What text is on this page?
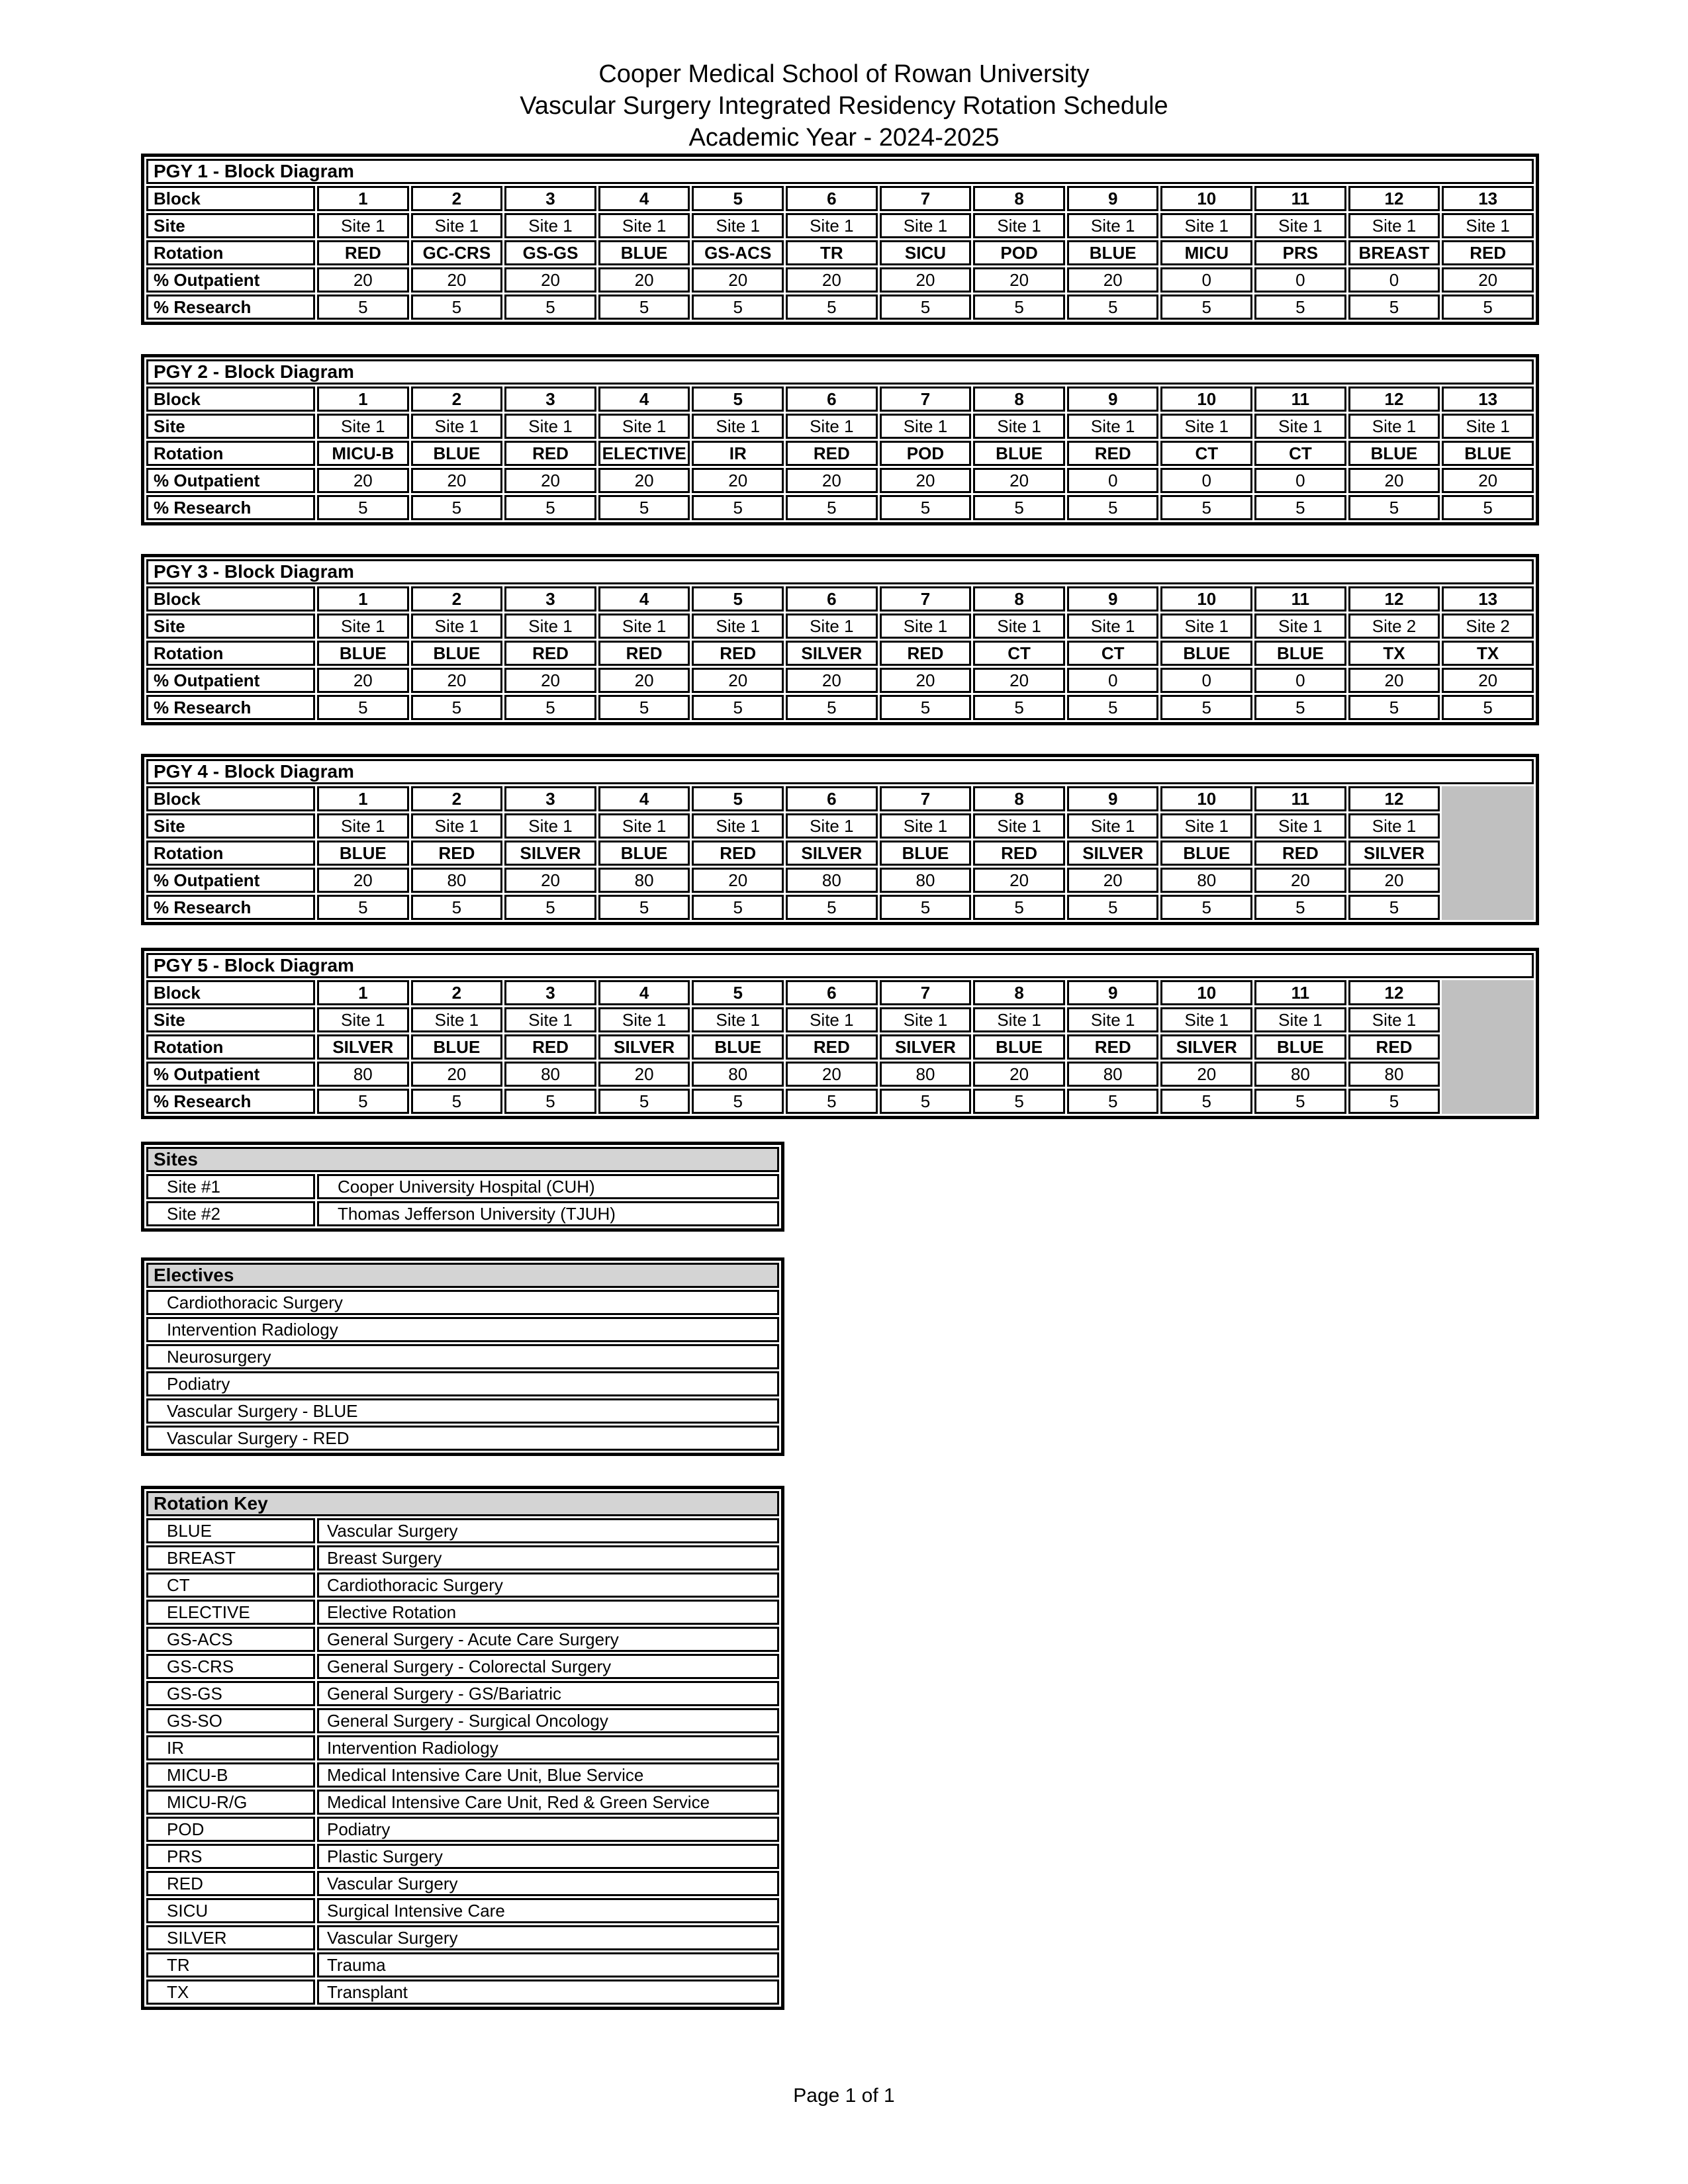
Cooper Medical School of Rowan University
Vascular Surgery Integrated Residency Rotation Schedule
Academic Year - 2024-2025
PGY 1 - Block Diagram													
Block	1	2	3	4	5	6	7	8	9	10	11	12	13
Site	Site 1	Site 1	Site 1	Site 1	Site 1	Site 1	Site 1	Site 1	Site 1	Site 1	Site 1	Site 1	Site 1
Rotation	RED	GC-CRS	GS-GS	BLUE	GS-ACS	TR	SICU	POD	BLUE	MICU	PRS	BREAST	RED
% Outpatient	20	20	20	20	20	20	20	20	20	0	0	0	20
% Research	5	5	5	5	5	5	5	5	5	5	5	5	5
PGY 2 - Block Diagram													
Block	1	2	3	4	5	6	7	8	9	10	11	12	13
Site	Site 1	Site 1	Site 1	Site 1	Site 1	Site 1	Site 1	Site 1	Site 1	Site 1	Site 1	Site 1	Site 1
Rotation	MICU-B	BLUE	RED	ELECTIVE	IR	RED	POD	BLUE	RED	CT	CT	BLUE	BLUE
% Outpatient	20	20	20	20	20	20	20	20	0	0	0	20	20
% Research	5	5	5	5	5	5	5	5	5	5	5	5	5
PGY 3 - Block Diagram													
Block	1	2	3	4	5	6	7	8	9	10	11	12	13
Site	Site 1	Site 1	Site 1	Site 1	Site 1	Site 1	Site 1	Site 1	Site 1	Site 1	Site 1	Site 2	Site 2
Rotation	BLUE	BLUE	RED	RED	RED	SILVER	RED	CT	CT	BLUE	BLUE	TX	TX
% Outpatient	20	20	20	20	20	20	20	20	0	0	0	20	20
% Research	5	5	5	5	5	5	5	5	5	5	5	5	5
PGY 4 - Block Diagram													
Block	1	2	3	4	5	6	7	8	9	10	11	12	
Site	Site 1	Site 1	Site 1	Site 1	Site 1	Site 1	Site 1	Site 1	Site 1	Site 1	Site 1	Site 1	
Rotation	BLUE	RED	SILVER	BLUE	RED	SILVER	BLUE	RED	SILVER	BLUE	RED	SILVER	
% Outpatient	20	80	20	80	20	80	80	20	20	80	20	20	
% Research	5	5	5	5	5	5	5	5	5	5	5	5	
PGY 5 - Block Diagram													
Block	1	2	3	4	5	6	7	8	9	10	11	12	
Site	Site 1	Site 1	Site 1	Site 1	Site 1	Site 1	Site 1	Site 1	Site 1	Site 1	Site 1	Site 1	
Rotation	SILVER	BLUE	RED	SILVER	BLUE	RED	SILVER	BLUE	RED	SILVER	BLUE	RED	
% Outpatient	80	20	80	20	80	20	80	20	80	20	80	80	
% Research	5	5	5	5	5	5	5	5	5	5	5	5	
Sites	
Site #1	Cooper University Hospital (CUH)
Site #2	Thomas Jefferson University (TJUH)
Electives
Cardiothoracic Surgery
Intervention Radiology
Neurosurgery
Podiatry
Vascular Surgery - BLUE
Vascular Surgery - RED
Rotation Key	
BLUE	Vascular Surgery
BREAST	Breast Surgery
CT	Cardiothoracic Surgery
ELECTIVE	Elective Rotation
GS-ACS	General Surgery - Acute Care Surgery
GS-CRS	General Surgery - Colorectal Surgery
GS-GS	General Surgery - GS/Bariatric
GS-SO	General Surgery - Surgical Oncology
IR	Intervention Radiology
MICU-B	Medical Intensive Care Unit, Blue Service
MICU-R/G	Medical Intensive Care Unit, Red & Green Service
POD	Podiatry
PRS	Plastic Surgery
RED	Vascular Surgery
SICU	Surgical Intensive Care
SILVER	Vascular Surgery
TR	Trauma
TX	Transplant
Page 1 of 1
